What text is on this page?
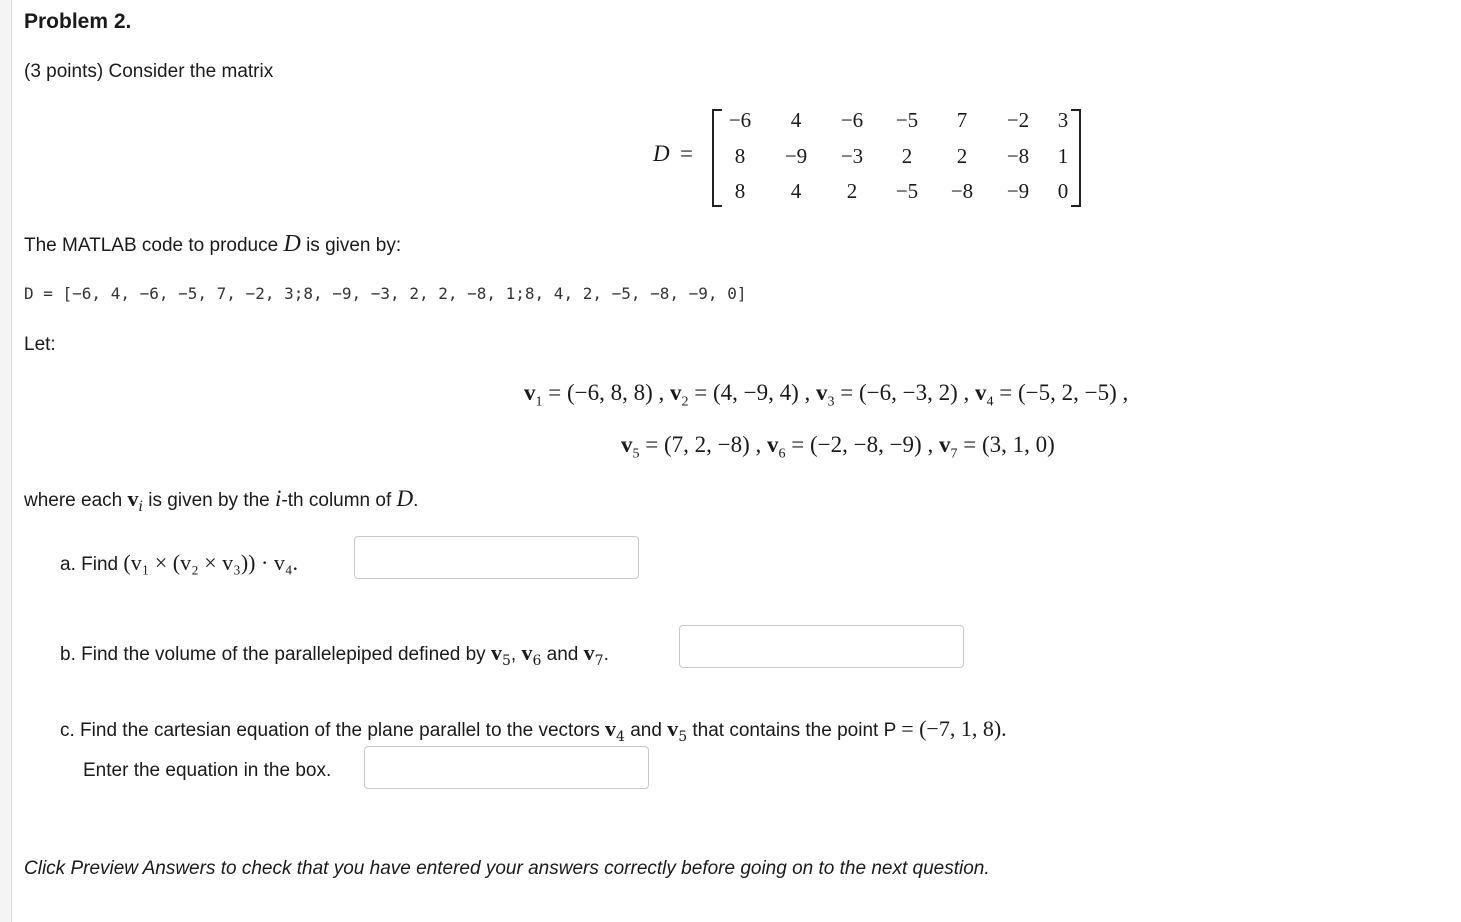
Problem 2.
(3 points) Consider the matrix
D =
−6	4	−6	−5	7	−2	3
8	−9	−3	2	2	−8	1
8	4	2	−5	−8	−9	0
The MATLAB code to produce D is given by:
D = [−6, 4, −6, −5, 7, −2, 3;8, −9, −3, 2, 2, −8, 1;8, 4, 2, −5, −8, −9, 0]
Let:
$v_1 = (-6$, 8, 8) , $v_2 = (4$, −9, 4) , $v_3 = (-6$, −3, 2) , $v_4 = (-5$, 2, −5) ,
$v_5 = (7$, 2, −8) , $v_6 = (-2$, −8, −9) , $v_7 = (3$, 1, 0)
where each $v_i$ is given by the i-th column of D.
a. Find (v₁ × (v₂ × v₃)) · v₄.
b. Find the volume of the parallelepiped defined by $v_5$, $v_6$ and $v_7$.
c. Find the cartesian equation of the plane parallel to the vectors $v_4$ and $v_5$ that contains the point P = (−7, 1, 8).
Enter the equation in the box.
Click Preview Answers to check that you have entered your answers correctly before going on to the next question.
